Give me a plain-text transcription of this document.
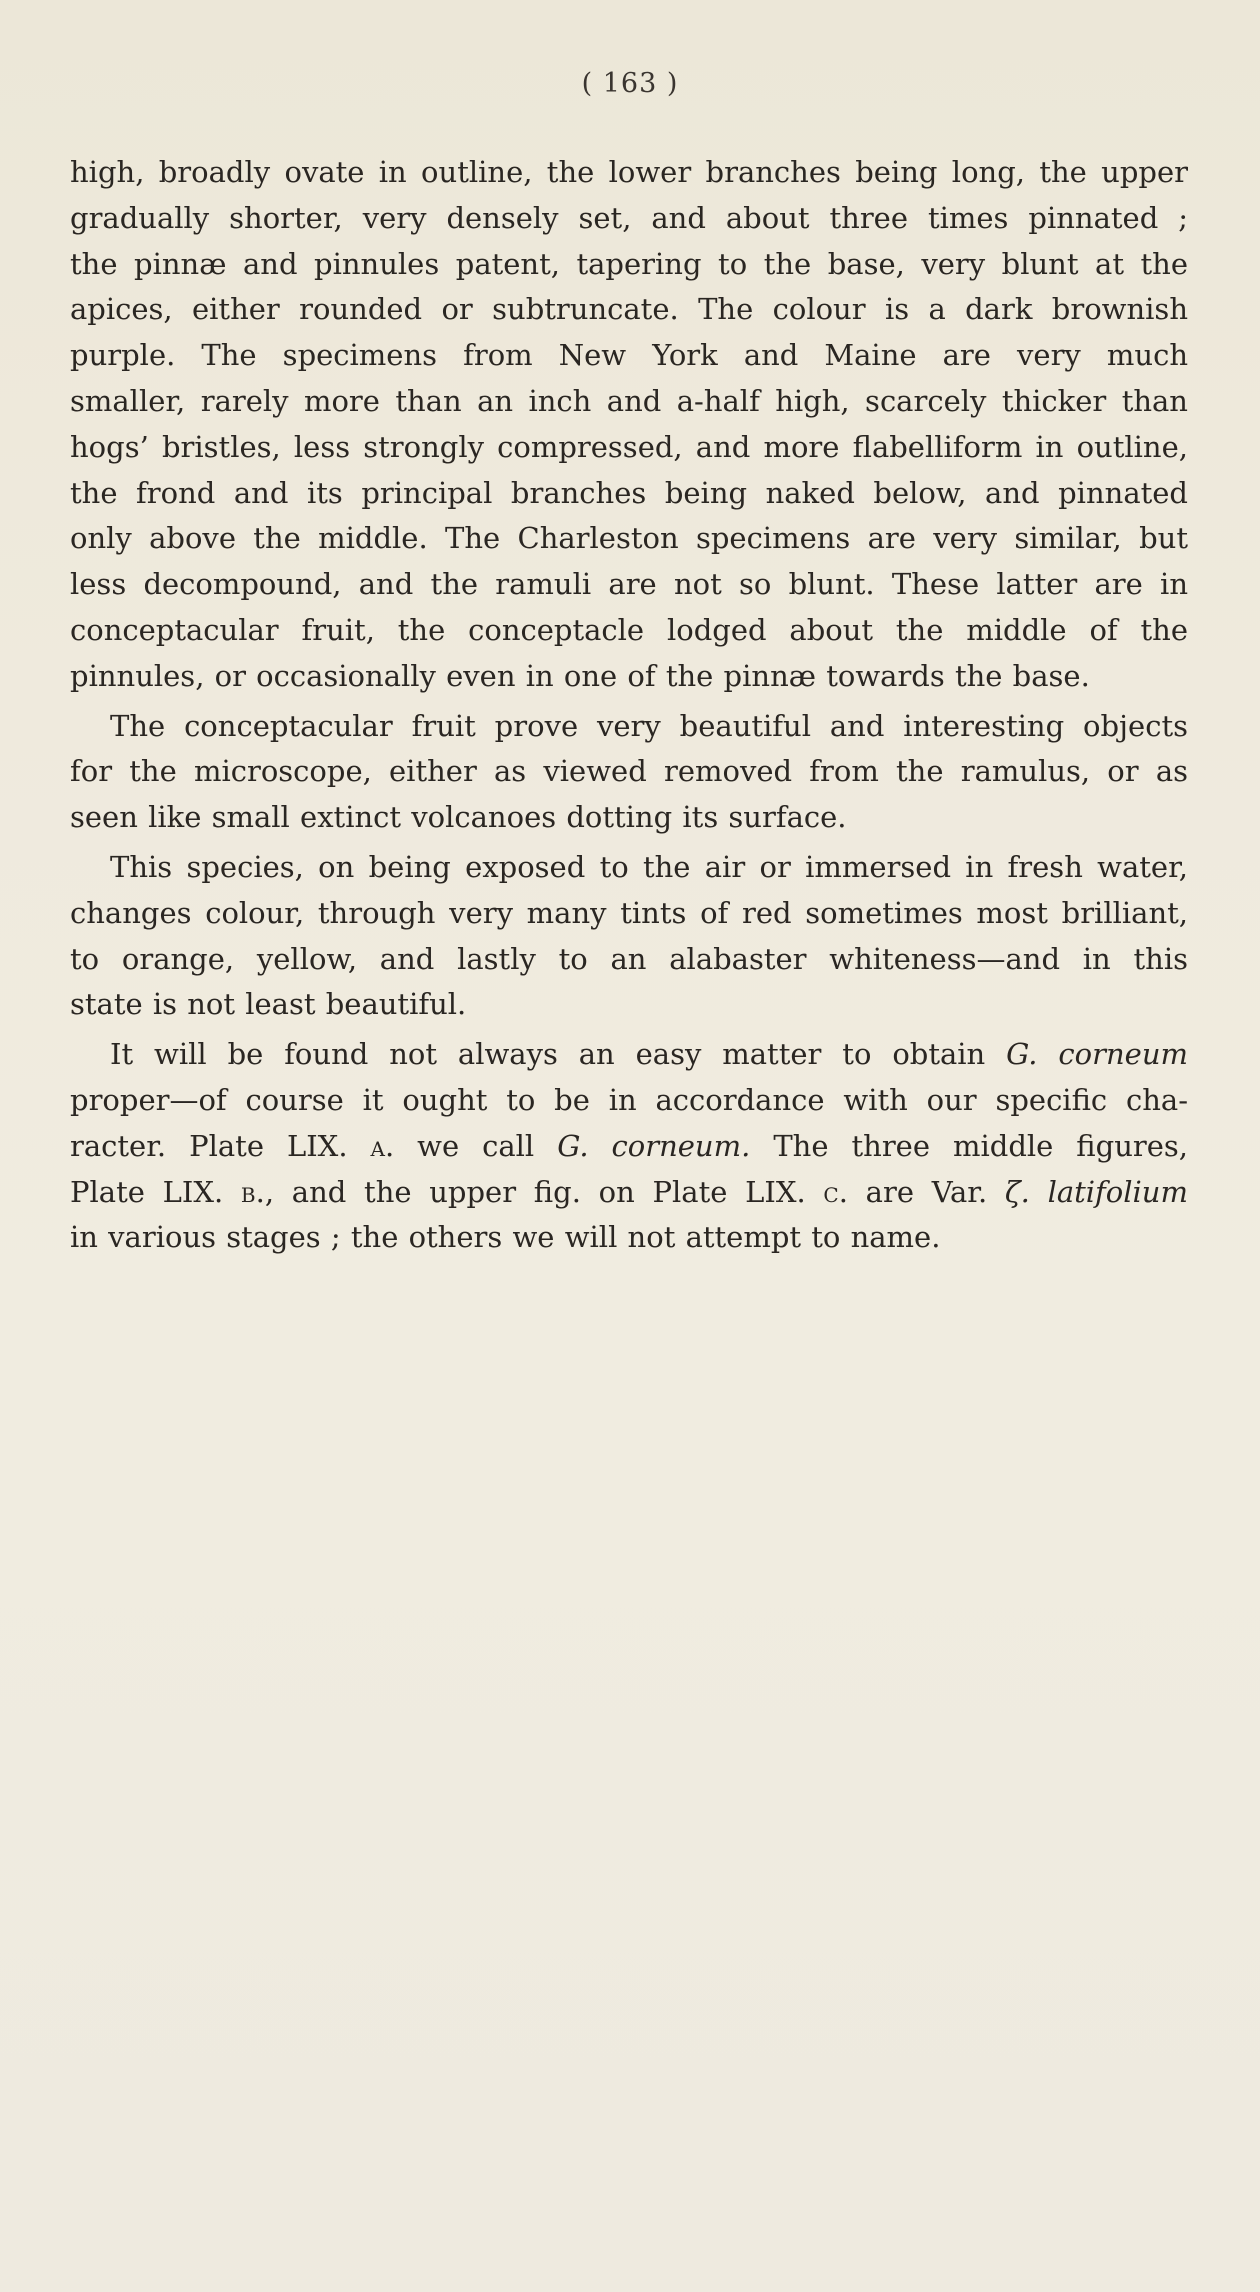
( 163 )

high, broadly ovate in outline, the lower branches being long, the upper
gradually shorter, very densely set, and about three times pinnated ;
the pinnæ and pinnules patent, tapering to the base, very blunt at the
apices, either rounded or subtruncate. The colour is a dark brownish
purple. The specimens from New York and Maine are very much
smaller, rarely more than an inch and a-half high, scarcely thicker than
hogs’ bristles, less strongly compressed, and more flabelliform in outline,
the frond and its principal branches being naked below, and pinnated
only above the middle. The Charleston specimens are very similar, but
less decompound, and the ramuli are not so blunt. These latter are in
conceptacular fruit, the conceptacle lodged about the middle of the
pinnules, or occasionally even in one of the pinnæ towards the base.

The conceptacular fruit prove very beautiful and interesting objects
for the microscope, either as viewed removed from the ramulus, or as
seen like small extinct volcanoes dotting its surface.

This species, on being exposed to the air or immersed in fresh water,
changes colour, through very many tints of red sometimes most brilliant,
to orange, yellow, and lastly to an alabaster whiteness—and in this
state is not least beautiful.

It will be found not always an easy matter to obtain G. corneum
proper—of course it ought to be in accordance with our specific cha-
racter. Plate LIX. a. we call G. corneum. The three middle figures,
Plate LIX. b., and the upper fig. on Plate LIX. c. are Var. ζ. latifolium
in various stages ; the others we will not attempt to name.
